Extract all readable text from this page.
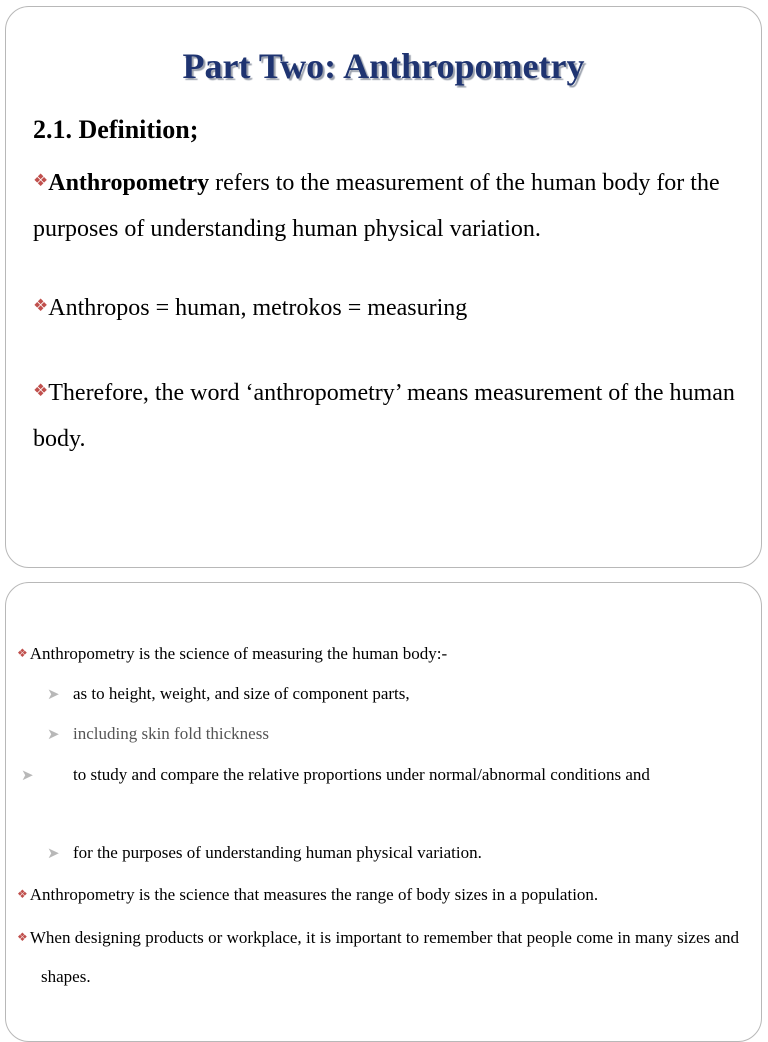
Part Two: Anthropometry
2.1. Definition;
❖Anthropometry refers to the measurement of the human body for the purposes of understanding human physical variation.
❖Anthropos = human, metrokos = measuring
❖Therefore, the word ‘anthropometry’ means measurement of the human body.
❖ Anthropometry is the science of measuring the human body:-
➤ as to height, weight, and size of component parts,
➤ including skin fold thickness
➤ to study and compare the relative proportions under normal/abnormal conditions and
➤ for the purposes of understanding human physical variation.
❖ Anthropometry is the science that measures the range of body sizes in a population.
❖ When designing products or workplace, it is important to remember that people come in many sizes and shapes.
